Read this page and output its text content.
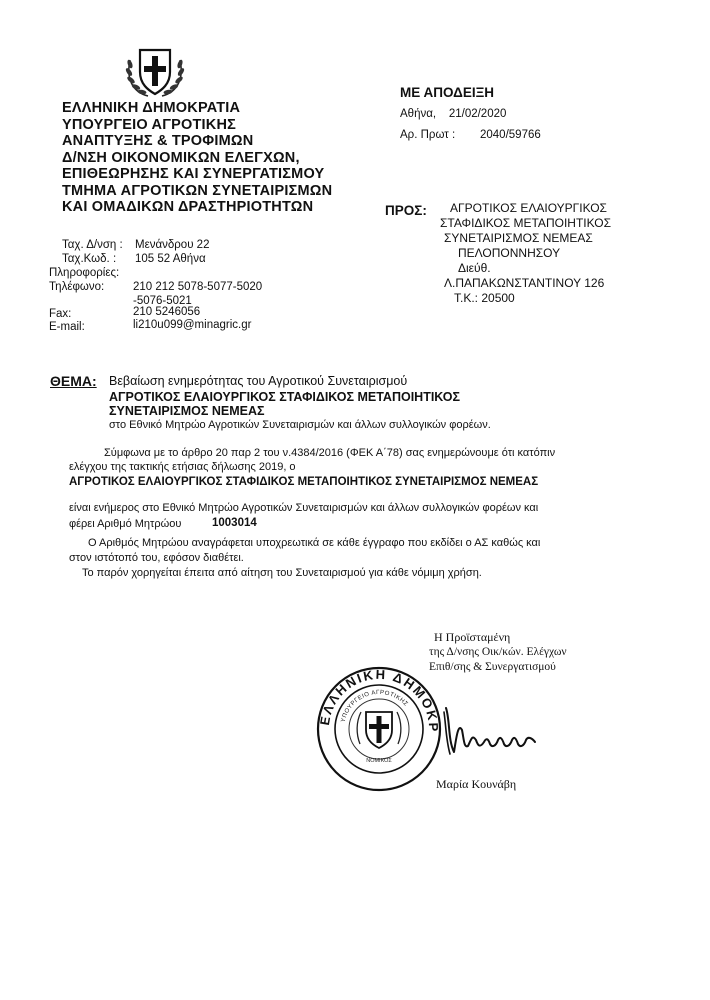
ΕΛΛΗΝΙΚΗ ΔΗΜΟΚΡΑΤΙΑ
ΥΠΟΥΡΓΕΙΟ ΑΓΡΟΤΙΚΗΣ
ΑΝΑΠΤΥΞΗΣ & ΤΡΟΦΙΜΩΝ
Δ/ΝΣΗ ΟΙΚΟΝΟΜΙΚΩΝ ΕΛΕΓΧΩΝ,
ΕΠΙΘΕΩΡΗΣΗΣ ΚΑΙ ΣΥΝΕΡΓΑΤΙΣΜΟΥ
ΤΜΗΜΑ ΑΓΡΟΤΙΚΩΝ ΣΥΝΕΤΑΙΡΙΣΜΩΝ
ΚΑΙ ΟΜΑΔΙΚΩΝ ΔΡΑΣΤΗΡΙΟΤΗΤΩΝ
ΜΕ ΑΠΟΔΕΙΞΗ
Αθήνα,    21/02/2020
Αρ. Πρωτ : 2040/59766
ΠΡΟΣ:	ΑΓΡΟΤΙΚΟΣ ΕΛΑΙΟΥΡΓΙΚΟΣ
ΣΤΑΦΙΔΙΚΟΣ ΜΕΤΑΠΟΙΗΤΙΚΟΣ
ΣΥΝΕΤΑΙΡΙΣΜΟΣ ΝΕΜΕΑΣ
ΠΕΛΟΠΟΝΝΗΣΟΥ
Διεύθ.
Λ.ΠΑΠΑΚΩΝΣΤΑΝΤΙΝΟΥ 126
Τ.Κ.: 20500
Ταχ. Δ/νση : Μενάνδρου 22
Ταχ.Κωδ. : 105 52 Αθήνα
Πληροφορίες:
Τηλέφωνο:	210 212 5078-5077-5020
-5076-5021
Fax:	210 5246056
E-mail:	li210u099@minagric.gr
ΘΕΜΑ: Βεβαίωση ενημερότητας του Αγροτικού Συνεταιρισμού
ΑΓΡΟΤΙΚΟΣ ΕΛΑΙΟΥΡΓΙΚΟΣ ΣΤΑΦΙΔΙΚΟΣ ΜΕΤΑΠΟΙΗΤΙΚΟΣ
ΣΥΝΕΤΑΙΡΙΣΜΟΣ ΝΕΜΕΑΣ
στο Εθνικό Μητρώο Αγροτικών Συνεταιρισμών και άλλων συλλογικών φορέων.
Σύμφωνα με το άρθρο 20 παρ 2 του ν.4384/2016 (ΦΕΚ Α΄78) σας ενημερώνουμε ότι κατόπιν
ελέγχου της τακτικής ετήσιας δήλωσης 2019, ο
ΑΓΡΟΤΙΚΟΣ ΕΛΑΙΟΥΡΓΙΚΟΣ ΣΤΑΦΙΔΙΚΟΣ ΜΕΤΑΠΟΙΗΤΙΚΟΣ ΣΥΝΕΤΑΙΡΙΣΜΟΣ ΝΕΜΕΑΣ
είναι ενήμερος στο Εθνικό Μητρώο Αγροτικών Συνεταιρισμών και άλλων συλλογικών φορέων και
φέρει Αριθμό Μητρώου	1003014
Ο Αριθμός Μητρώου αναγράφεται υποχρεωτικά σε κάθε έγγραφο που εκδίδει ο ΑΣ καθώς και
στον ιστότοπό του, εφόσον διαθέτει.
Το παρόν χορηγείται έπειτα από αίτηση του Συνεταιρισμού για κάθε νόμιμη χρήση.
Η Προϊσταμένη
της Δ/νσης Οικ/κών. Ελέγχων
Επιθ/σης & Συνεργατισμού
ΕΛΛΗΝΙΚΗ ΔΗΜΟΚΡ
ΥΠΟΥΡΓΕΙΟ ΑΓΡΟΤΙΚΗΣ
ΝΟΜΙΚΟΣ
Μαρία Κουνάβη
